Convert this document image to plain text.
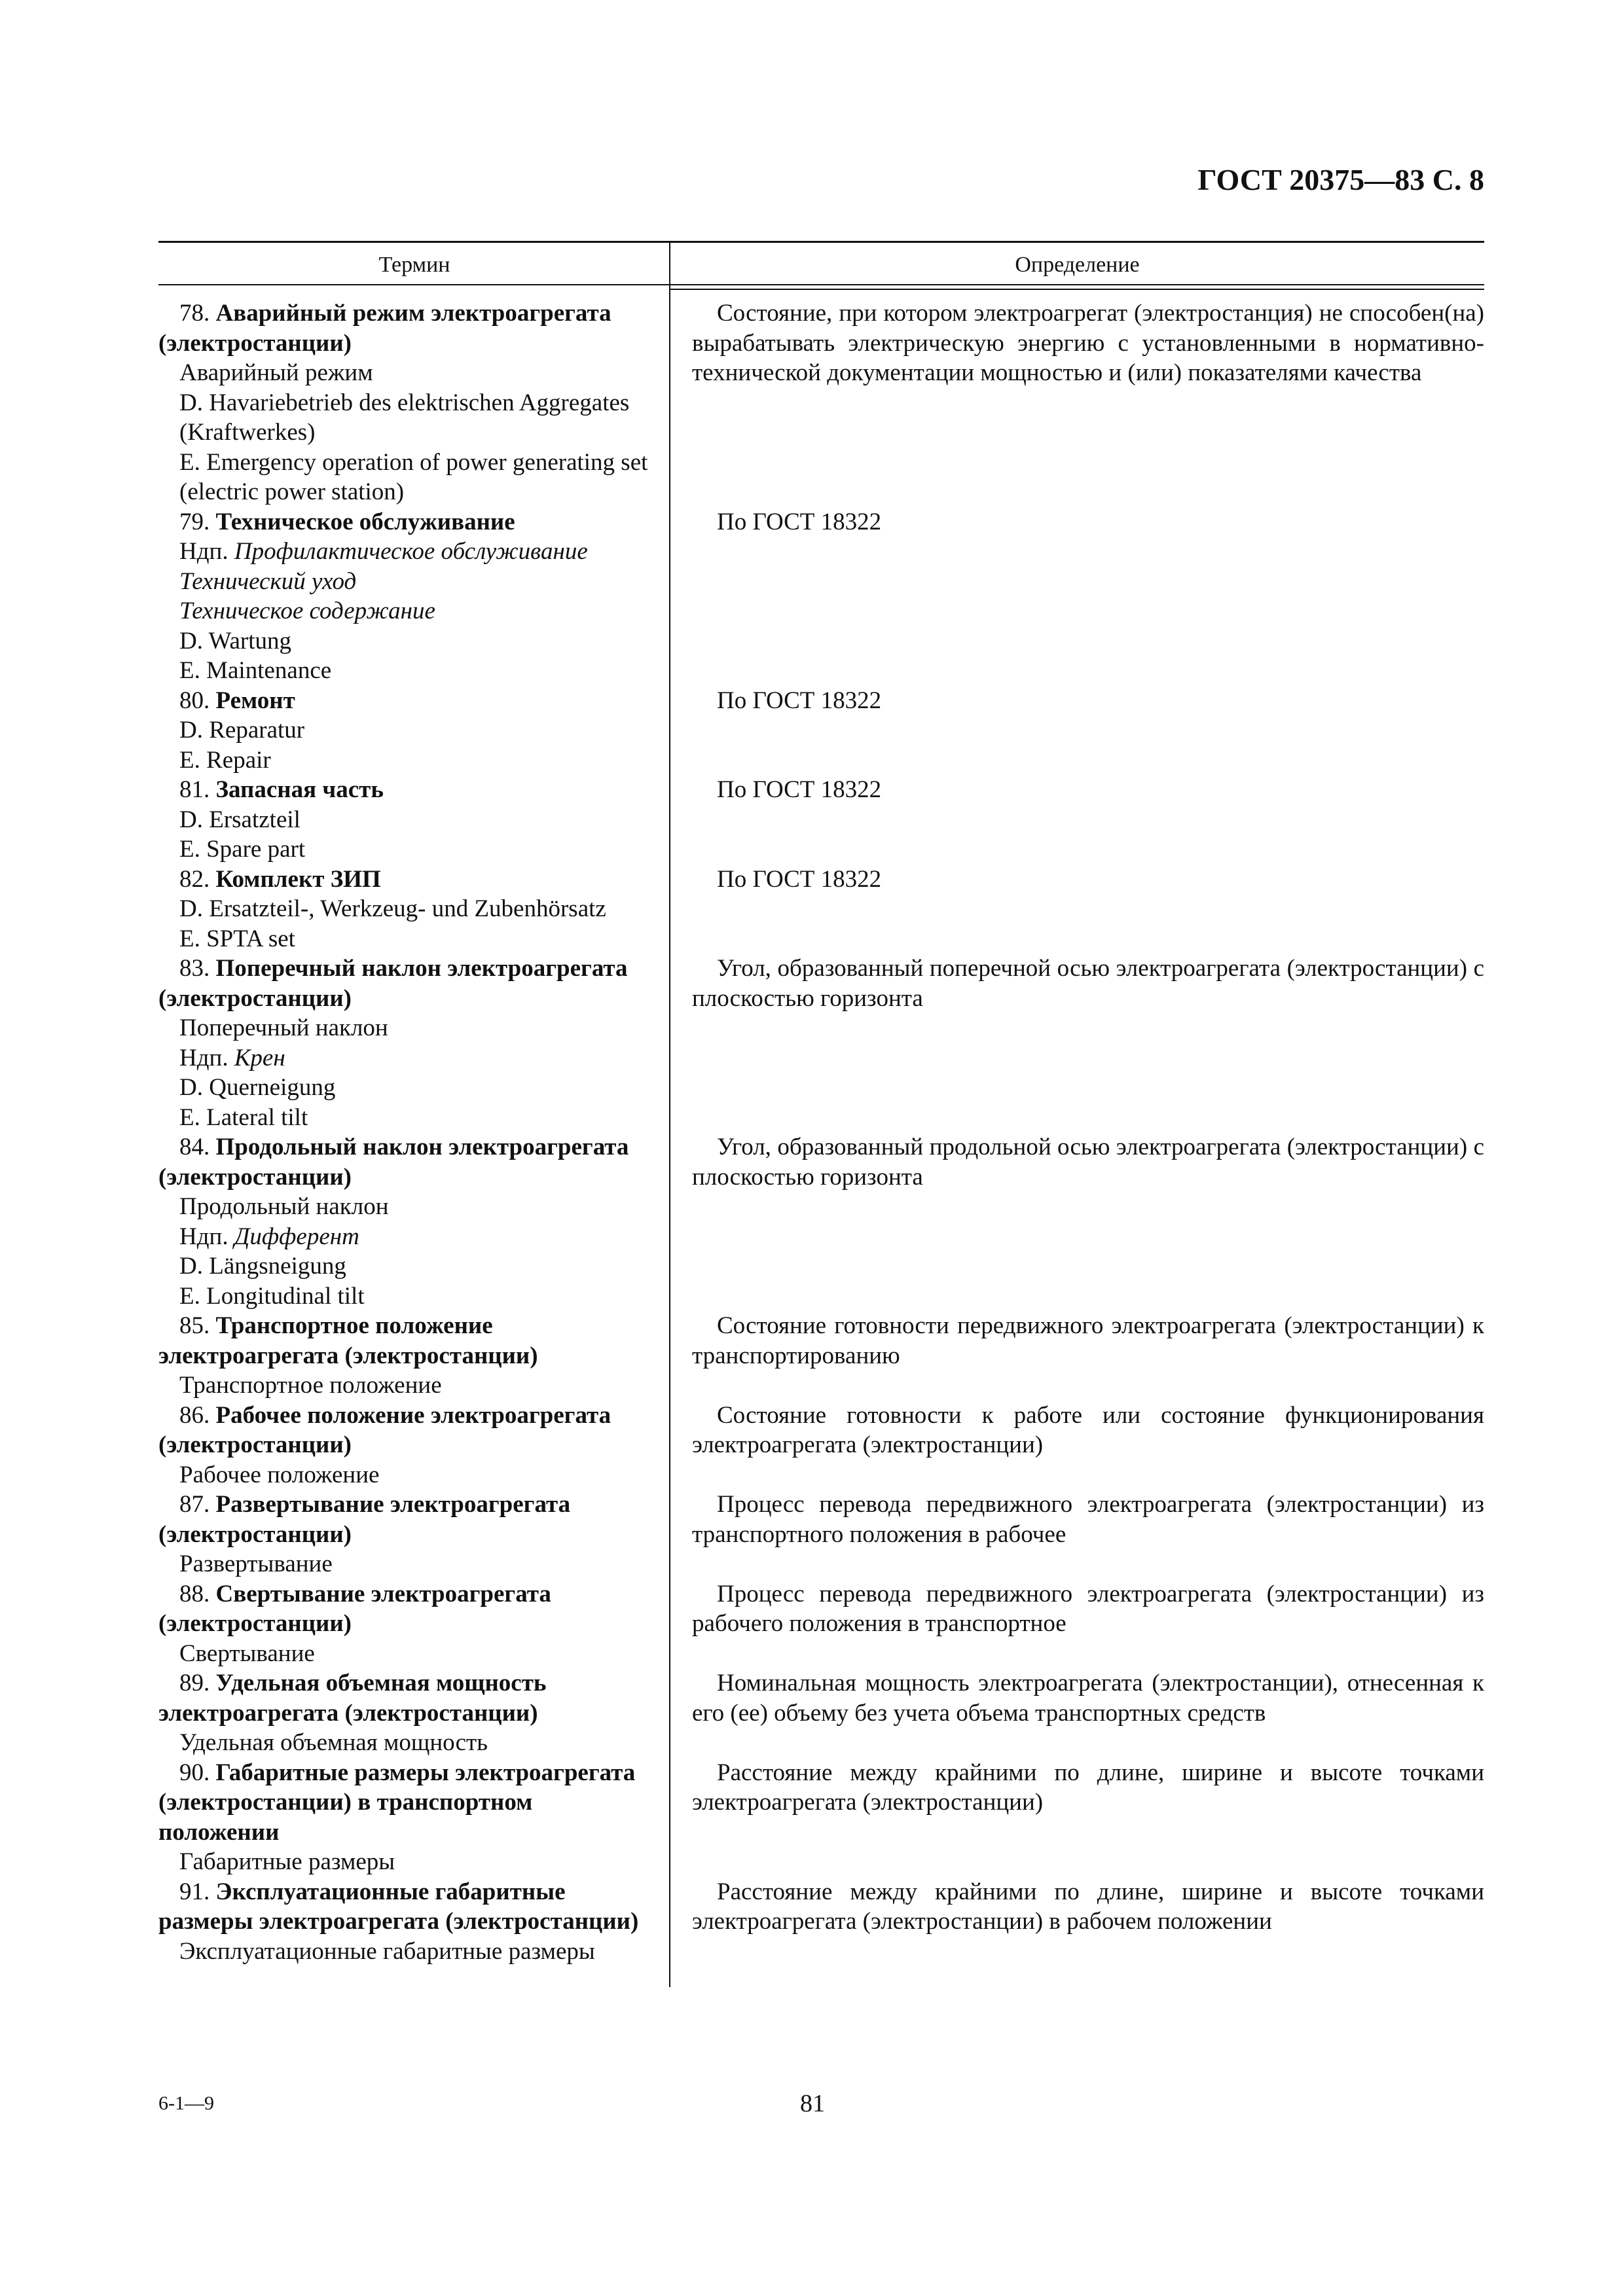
ГОСТ 20375—83 С. 8
Термин	Определение

78. Аварийный режим электроагрегата (электростанции)

Аварийный режим

D. Havariebetrieb des elektrischen Aggregates (Kraftwerkes)

E. Emergency operation of power generating set (electric power station)

Состояние, при котором электроагрегат (электростанция) не способен(на) вырабатывать электрическую энергию с установленными в нормативно-технической документации мощностью и (или) показателями качества

79. Техническое обслуживание

Ндп. Профилактическое обслуживание

Технический уход

Техническое содержание

D. Wartung

E. Maintenance

По ГОСТ 18322

80. Ремонт

D. Reparatur

E. Repair

По ГОСТ 18322

81. Запасная часть

D. Ersatzteil

E. Spare part

По ГОСТ 18322

82. Комплект ЗИП

D. Ersatzteil-, Werkzeug- und Zubenhörsatz

E. SPTA set

По ГОСТ 18322

83. Поперечный наклон электроагрегата (электростанции)

Поперечный наклон

Ндп. Крен

D. Querneigung

E. Lateral tilt

Угол, образованный поперечной осью электроагрегата (электростанции) с плоскостью горизонта

84. Продольный наклон электроагрегата (электростанции)

Продольный наклон

Ндп. Дифферент

D. Längsneigung

E. Longitudinal tilt

Угол, образованный продольной осью электроагрегата (электростанции) с плоскостью горизонта

85. Транспортное положение электроагрегата (электростанции)

Транспортное положение

Состояние готовности передвижного электроагрегата (электростанции) к транспортированию

86. Рабочее положение электроагрегата (электростанции)

Рабочее положение

Состояние готовности к работе или состояние функционирования электроагрегата (электростанции)

87. Развертывание электроагрегата (электростанции)

Развертывание

Процесс перевода передвижного электроагрегата (электростанции) из транспортного положения в рабочее

88. Свертывание электроагрегата (электростанции)

Свертывание

Процесс перевода передвижного электроагрегата (электростанции) из рабочего положения в транспортное

89. Удельная объемная мощность электроагрегата (электростанции)

Удельная объемная мощность

Номинальная мощность электроагрегата (электростанции), отнесенная к его (ее) объему без учета объема транспортных средств

90. Габаритные размеры электроагрегата (электростанции) в транспортном положении

Габаритные размеры

Расстояние между крайними по длине, ширине и высоте точками электроагрегата (электростанции)

91. Эксплуатационные габаритные размеры электроагрегата (электростанции)

Эксплуатационные габаритные размеры

Расстояние между крайними по длине, ширине и высоте точками электроагрегата (электростанции) в рабочем положении

6-1—9	81
